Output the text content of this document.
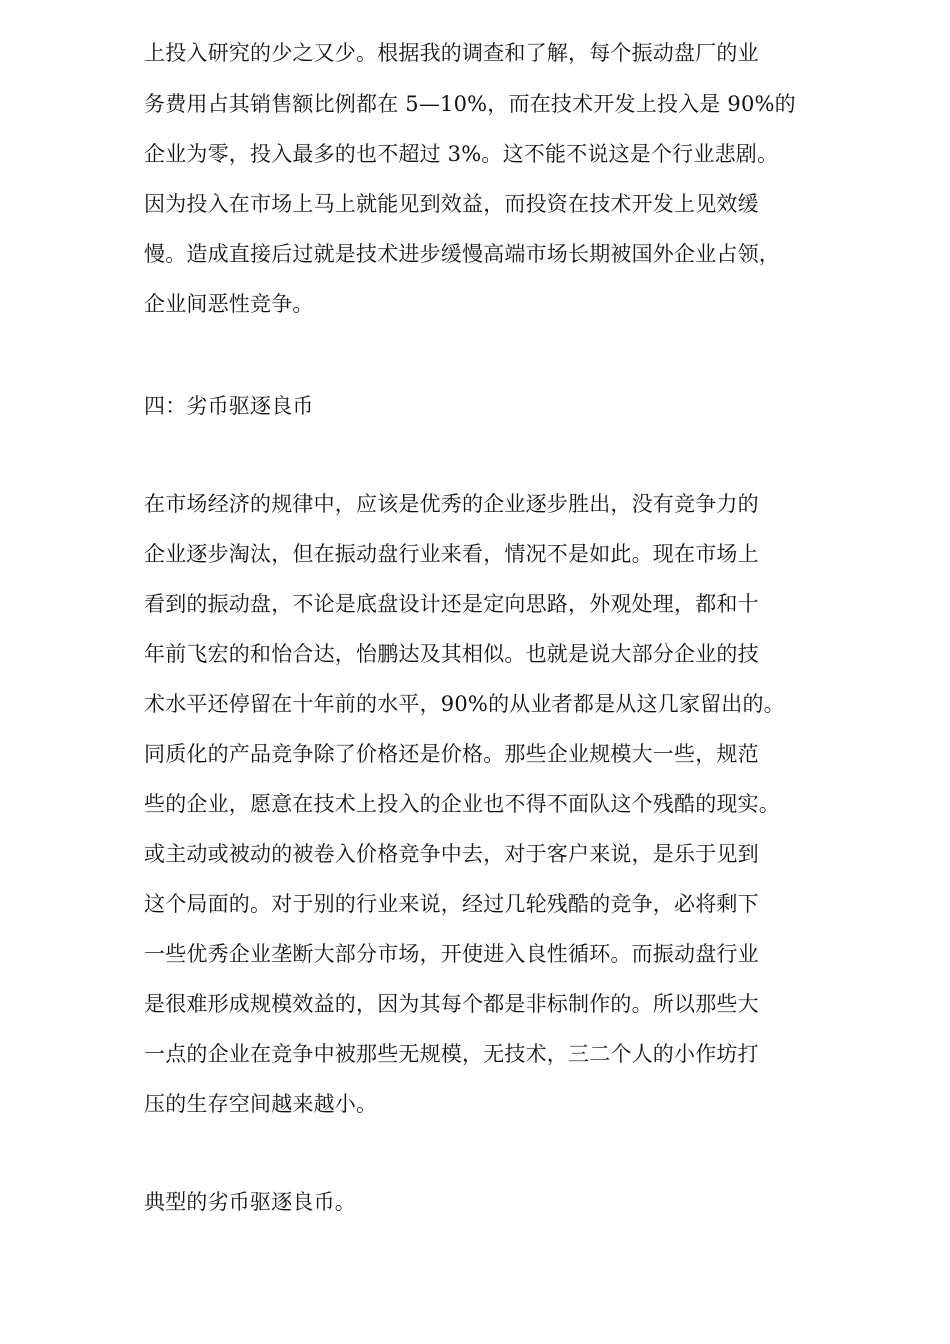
上投入研究的少之又少。根据我的调查和了解，每个振动盘厂的业
务费用占其销售额比例都在 5—10%，而在技术开发上投入是 90%的
企业为零，投入最多的也不超过 3%。这不能不说这是个行业悲剧。
因为投入在市场上马上就能见到效益，而投资在技术开发上见效缓
慢。造成直接后过就是技术进步缓慢高端市场长期被国外企业占领，
企业间恶性竞争。
四：劣币驱逐良币
在市场经济的规律中，应该是优秀的企业逐步胜出，没有竞争力的
企业逐步淘汰，但在振动盘行业来看，情况不是如此。现在市场上
看到的振动盘，不论是底盘设计还是定向思路，外观处理，都和十
年前飞宏的和怡合达，怡鹏达及其相似。也就是说大部分企业的技
术水平还停留在十年前的水平，90%的从业者都是从这几家留出的。
同质化的产品竞争除了价格还是价格。那些企业规模大一些，规范
些的企业，愿意在技术上投入的企业也不得不面队这个残酷的现实。
或主动或被动的被卷入价格竞争中去，对于客户来说，是乐于见到
这个局面的。对于别的行业来说，经过几轮残酷的竞争，必将剩下
一些优秀企业垄断大部分市场，开使进入良性循环。而振动盘行业
是很难形成规模效益的，因为其每个都是非标制作的。所以那些大
一点的企业在竞争中被那些无规模，无技术，三二个人的小作坊打
压的生存空间越来越小。
典型的劣币驱逐良币。
